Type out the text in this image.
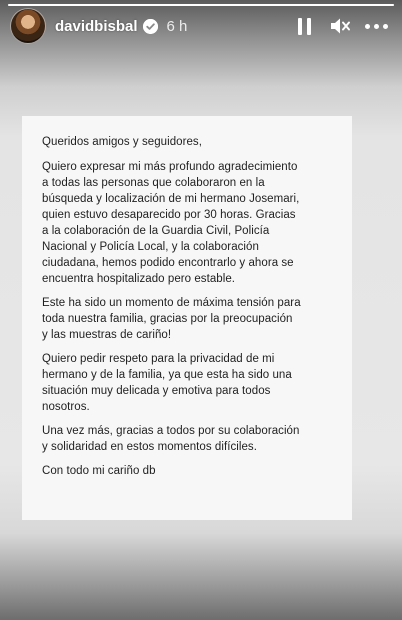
davidbisbal 6 h

Queridos amigos y seguidores,

Quiero expresar mi más profundo agradecimiento
a todas las personas que colaboraron en la
búsqueda y localización de mi hermano Josemari,
quien estuvo desaparecido por 30 horas. Gracias
a la colaboración de la Guardia Civil, Policía
Nacional y Policía Local, y la colaboración
ciudadana, hemos podido encontrarlo y ahora se
encuentra hospitalizado pero estable.

Este ha sido un momento de máxima tensión para
toda nuestra familia, gracias por la preocupación
y las muestras de cariño!

Quiero pedir respeto para la privacidad de mi
hermano y de la familia, ya que esta ha sido una
situación muy delicada y emotiva para todos
nosotros.

Una vez más, gracias a todos por su colaboración
y solidaridad en estos momentos difíciles.

Con todo mi cariño db
